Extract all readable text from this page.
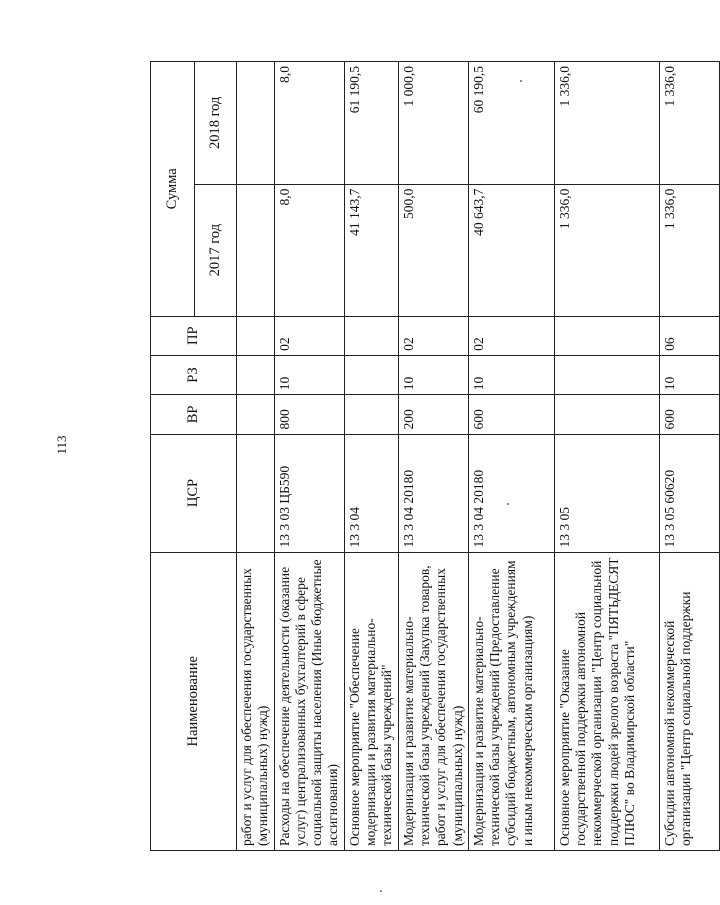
113
Наименование	ЦСР	ВР	РЗ	ПР	Сумма	
					2017 год	2018 год
работ и услуг для обеспечения государственных (муниципальных) нужд)						
Расходы на обеспечение деятельности (оказание услуг) централизованных бухгалтерий в сфере социальной защиты населения (Иные бюджетные ассигнования)	13 3 03 ЦБ590	800	10	02	8,0	8,0
Основное мероприятие "Обеспечение модернизации и развития материально-технической базы учреждений"	13 3 04				41 143,7	61 190,5
Модернизация и развитие материально-технической базы учреждений (Закупка товаров, работ и услуг для обеспечения государственных (муниципальных) нужд)	13 3 04 20180	200	10	02	500,0	1 000,0
Модернизация и развитие материально-технической базы учреждений (Предоставление субсидий бюджетным, автономным учреждениям и иным некоммерческим организациям)	13 3 04 20180	600	10	02	40 643,7	60 190,5
Основное мероприятие "Оказание государственной поддержки автономной некоммерческой организации "Центр социальной поддержки людей зрелого возраста "ПЯТЬДЕСЯТ ПЛЮС" во Владимирской области"	13 3 05				1 336,0	1 336,0
Субсидии автономной некоммерческой организации "Центр социальной поддержки	13 3 05 60620	600	10	06	1 336,0	1 336,0
